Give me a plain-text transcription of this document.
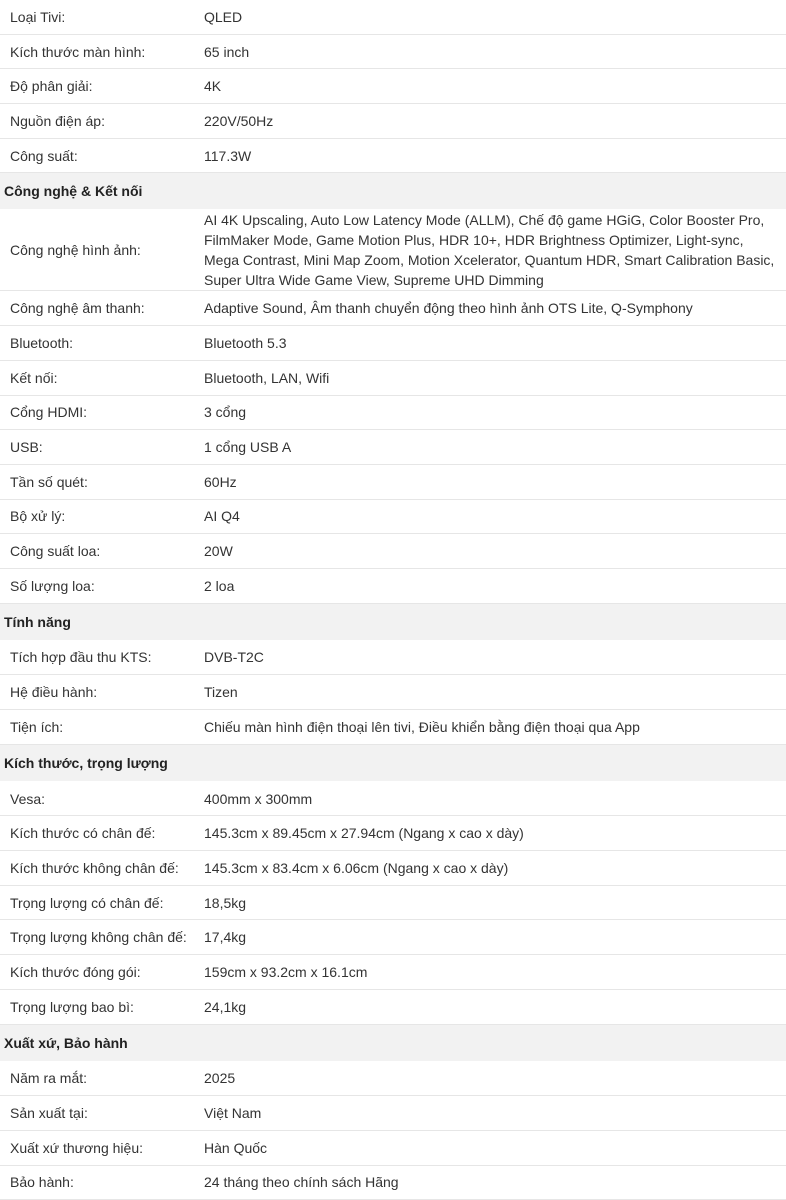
Loại Tivi:	QLED
Kích thước màn hình:	65 inch
Độ phân giải:	4K
Nguồn điện áp:	220V/50Hz
Công suất:	117.3W
Công nghệ & Kết nối	
Công nghệ hình ảnh:	AI 4K Upscaling, Auto Low Latency Mode (ALLM), Chế độ game HGiG, Color Booster Pro, FilmMaker Mode, Game Motion Plus, HDR 10+, HDR Brightness Optimizer, Light-sync, Mega Contrast, Mini Map Zoom, Motion Xcelerator, Quantum HDR, Smart Calibration Basic, Super Ultra Wide Game View, Supreme UHD Dimming
Công nghệ âm thanh:	Adaptive Sound, Âm thanh chuyển động theo hình ảnh OTS Lite, Q-Symphony
Bluetooth:	Bluetooth 5.3
Kết nối:	Bluetooth, LAN, Wifi
Cổng HDMI:	3 cổng
USB:	1 cổng USB A
Tần số quét:	60Hz
Bộ xử lý:	AI Q4
Công suất loa:	20W
Số lượng loa:	2 loa
Tính năng	
Tích hợp đầu thu KTS:	DVB-T2C
Hệ điều hành:	Tizen
Tiện ích:	Chiếu màn hình điện thoại lên tivi, Điều khiển bằng điện thoại qua App
Kích thước, trọng lượng	
Vesa:	400mm x 300mm
Kích thước có chân đế:	145.3cm x 89.45cm x 27.94cm (Ngang x cao x dày)
Kích thước không chân đế:	145.3cm x 83.4cm x 6.06cm (Ngang x cao x dày)
Trọng lượng có chân đế:	18,5kg
Trọng lượng không chân đế:	17,4kg
Kích thước đóng gói:	159cm x 93.2cm x 16.1cm
Trọng lượng bao bì:	24,1kg
Xuất xứ, Bảo hành	
Năm ra mắt:	2025
Sản xuất tại:	Việt Nam
Xuất xứ thương hiệu:	Hàn Quốc
Bảo hành:	24 tháng theo chính sách Hãng
